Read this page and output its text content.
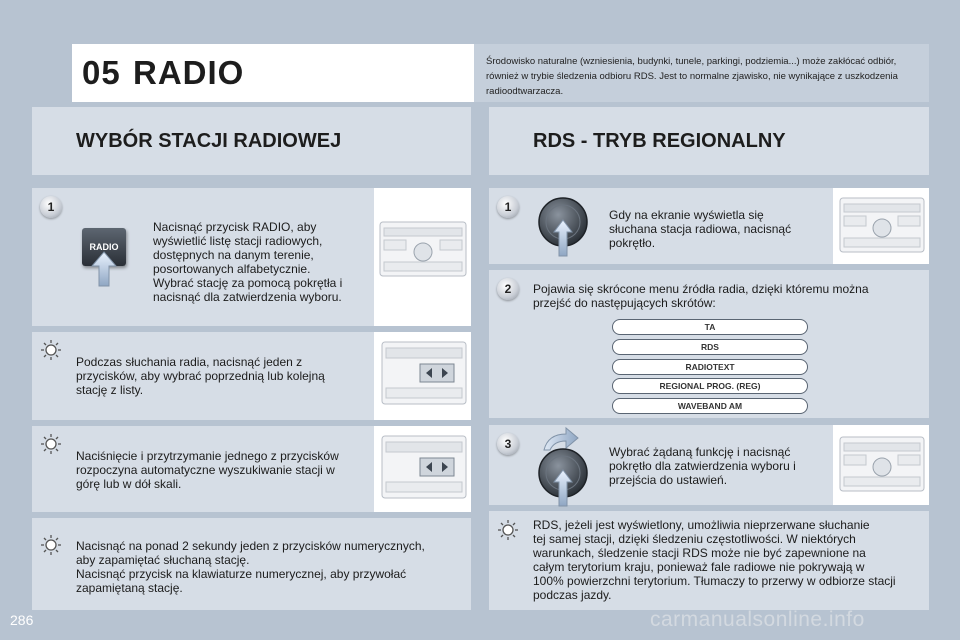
05 RADIO	Środowisko naturalne (wzniesienia, budynki, tunele, parkingi, podziemia...) może zakłócać odbiór, również w trybie śledzenia odbioru RDS. Jest to normalne zjawisko, nie wynikające z uszkodzenia radioodtwarzacza.
WYBÓR STACJI RADIOWEJ	RDS - TRYB REGIONALNY
1
RADIO
Nacisnąć przycisk RADIO, aby
wyświetlić listę stacji radiowych,
dostępnych na danym terenie,
posortowanych alfabetycznie.
Wybrać stację za pomocą pokrętła i
nacisnąć dla zatwierdzenia wyboru.
Podczas słuchania radia, nacisnąć jeden z
przycisków, aby wybrać poprzednią lub kolejną
stację z listy.
Naciśnięcie i przytrzymanie jednego z przycisków
rozpoczyna automatyczne wyszukiwanie stacji w
górę lub w dół skali.
Nacisnąć na ponad 2 sekundy jeden z przycisków numerycznych,
aby zapamiętać słuchaną stację.
Nacisnąć przycisk na klawiaturze numerycznej, aby przywołać
zapamiętaną stację.
1
Gdy na ekranie wyświetla się
słuchana stacja radiowa, nacisnąć
pokrętło.
2	Pojawia się skrócone menu źródła radia, dzięki któremu można
przejść do następujących skrótów:
TA
RDS
RADIOTEXT
REGIONAL PROG. (REG)
WAVEBAND AM
3
Wybrać żądaną funkcję i nacisnąć
pokrętło dla zatwierdzenia wyboru i
przejścia do ustawień.
RDS, jeżeli jest wyświetlony, umożliwia nieprzerwane słuchanie
tej samej stacji, dzięki śledzeniu częstotliwości. W niektórych
warunkach, śledzenie stacji RDS może nie być zapewnione na
całym terytorium kraju, ponieważ fale radiowe nie pokrywają w
100% powierzchni terytorium. Tłumaczy to przerwy w odbiorze stacji
podczas jazdy.
286	carmanualsonline.info
